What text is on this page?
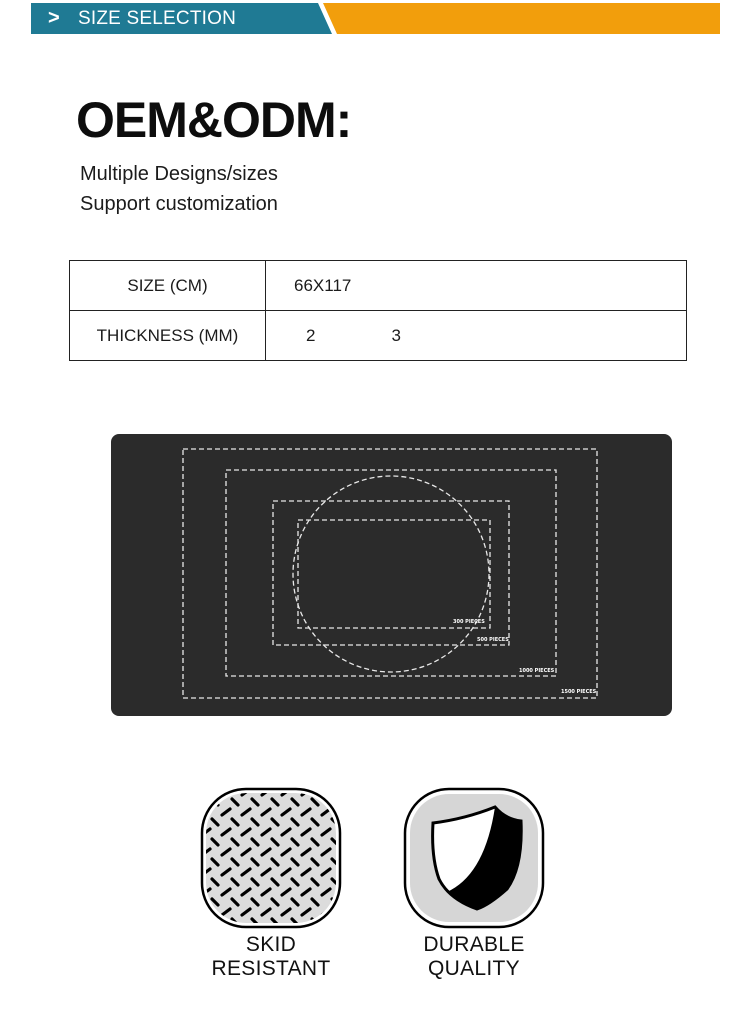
> SIZE SELECTION
OEM&ODM:

Multiple Designs/sizes

Support customization

SIZE (CM)	66X117
THICKNESS (MM)	2 3
300 PIECES
500 PIECES
1000 PIECES
1500 PIECES
SKID
RESISTANT
DURABLE
QUALITY
